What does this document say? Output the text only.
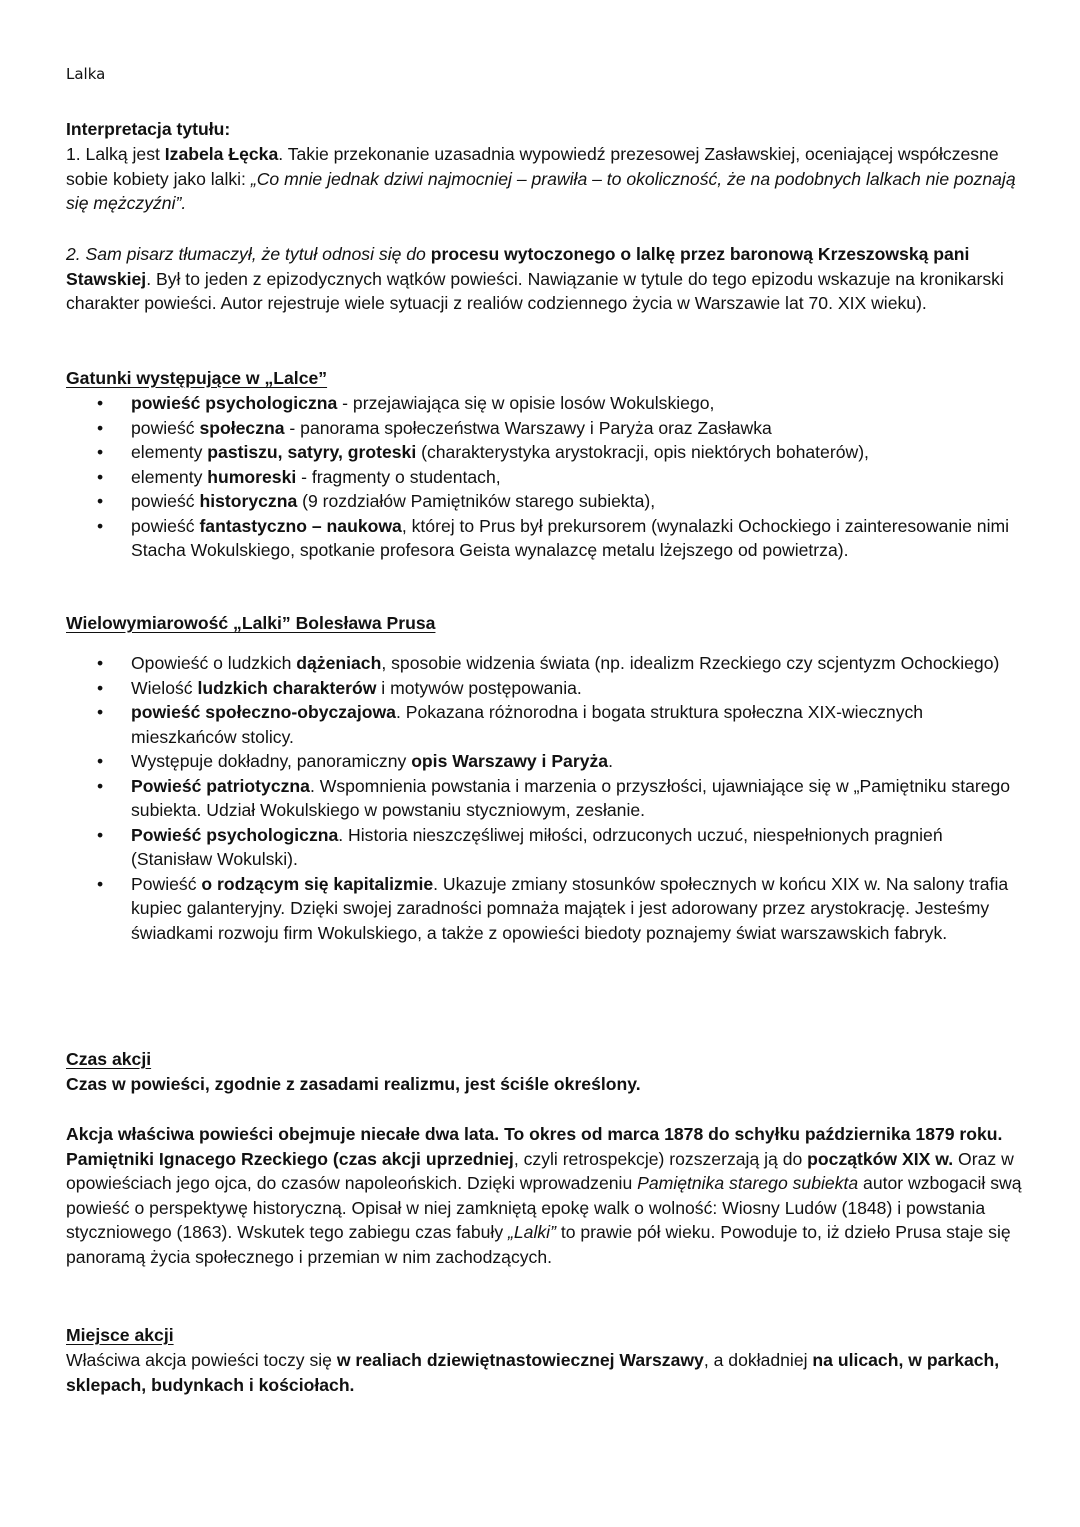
Lalka
Interpretacja tytułu:

1. Lalką jest Izabela Łęcka. Takie przekonanie uzasadnia wypowiedź prezesowej Zasławskiej, oceniającej współczesne sobie kobiety jako lalki: „Co mnie jednak dziwi najmocniej – prawiła – to okoliczność, że na podobnych lalkach nie poznają się mężczyźni”.

2. Sam pisarz tłumaczył, że tytuł odnosi się do procesu wytoczonego o lalkę przez baronową Krzeszowską pani Stawskiej. Był to jeden z epizodycznych wątków powieści. Nawiązanie w tytule do tego epizodu wskazuje na kronikarski charakter powieści. Autor rejestruje wiele sytuacji z realiów codziennego życia w Warszawie lat 70. XIX wieku).

Gatunki występujące w „Lalce”
• powieść psychologiczna - przejawiająca się w opisie losów Wokulskiego,
• powieść społeczna - panorama społeczeństwa Warszawy i Paryża oraz Zasławka
• elementy pastiszu, satyry, groteski (charakterystyka arystokracji, opis niektórych bohaterów),
• elementy humoreski - fragmenty o studentach,
• powieść historyczna (9 rozdziałów Pamiętników starego subiekta),
• powieść fantastyczno – naukowa, której to Prus był prekursorem (wynalazki Ochockiego i zainteresowanie nimi Stacha Wokulskiego, spotkanie profesora Geista wynalazcę metalu lżejszego od powietrza).
Wielowymiarowość „Lalki” Bolesława Prusa
• Opowieść o ludzkich dążeniach, sposobie widzenia świata (np. idealizm Rzeckiego czy scjentyzm Ochockiego)
• Wielość ludzkich charakterów i motywów postępowania.
• powieść społeczno-obyczajowa. Pokazana różnorodna i bogata struktura społeczna XIX-wiecznych mieszkańców stolicy.
• Występuje dokładny, panoramiczny opis Warszawy i Paryża.
• Powieść patriotyczna. Wspomnienia powstania i marzenia o przyszłości, ujawniające się w „Pamiętniku starego subiekta. Udział Wokulskiego w powstaniu styczniowym, zesłanie.
• Powieść psychologiczna. Historia nieszczęśliwej miłości, odrzuconych uczuć, niespełnionych pragnień (Stanisław Wokulski).
• Powieść o rodzącym się kapitalizmie. Ukazuje zmiany stosunków społecznych w końcu XIX w. Na salony trafia kupiec galanteryjny. Dzięki swojej zaradności pomnaża majątek i jest adorowany przez arystokrację. Jesteśmy świadkami rozwoju firm Wokulskiego, a także z opowieści biedoty poznajemy świat warszawskich fabryk.
Czas akcji
Czas w powieści, zgodnie z zasadami realizmu, jest ściśle określony.

Akcja właściwa powieści obejmuje niecałe dwa lata. To okres od marca 1878 do schyłku października 1879 roku. Pamiętniki Ignacego Rzeckiego (czas akcji uprzedniej, czyli retrospekcje) rozszerzają ją do początków XIX w. Oraz w opowieściach jego ojca, do czasów napoleońskich. Dzięki wprowadzeniu Pamiętnika starego subiekta autor wzbogacił swą powieść o perspektywę historyczną. Opisał w niej zamkniętą epokę walk o wolność: Wiosny Ludów (1848) i powstania styczniowego (1863). Wskutek tego zabiegu czas fabuły „Lalki” to prawie pół wieku. Powoduje to, iż dzieło Prusa staje się panoramą życia społecznego i przemian w nim zachodzących.

Miejsce akcji

Właściwa akcja powieści toczy się w realiach dziewiętnastowiecznej Warszawy, a dokładniej na ulicach, w parkach, sklepach, budynkach i kościołach.
